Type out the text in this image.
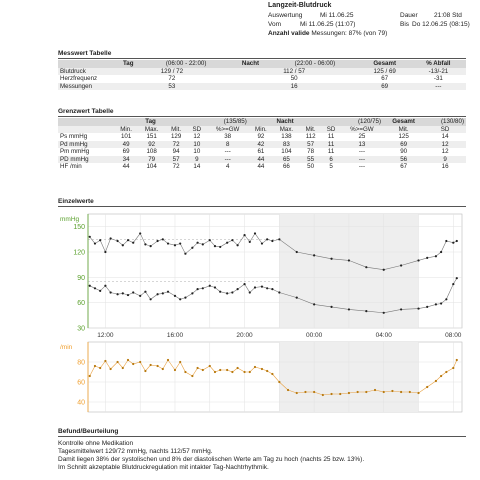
Langzeit-Blutdruck
Auswertung	Mi 11.06.25	Dauer	21:08 Std
Vom	Mi 11.06.25 (11:07)	Bis Do 12.06.25 (08:15)
Anzahl valide Messungen: 87% (von 79)
Messwert Tabelle
	Tag	(06:00 - 22:00)	Nacht	(22:00 - 06:00)	Gesamt	% Abfall
Blutdruck	129 / 72		112 / 57		125 / 69	-13/-21
Herzfrequenz	72		50		67	-31
Messungen	53		16		69	---
Grenzwert Tabelle
	Tag			(135/85)		Nacht			(120/75)		Gesamt	(130/80)
	Min.	Max.	Mit.	SD	%>=GW	Min.	Max.	Mit.	SD	%>=GW	Mit.	SD
Ps mmHg	101	151	129	12	38	92	138	112	11	25	125	14
Pd mmHg	49	92	72	10	8	42	83	57	11	13	69	12
Pm mmHg	69	108	94	10	---	61	104	78	11	---	90	12
PD mmHg	34	79	57	9	---	44	65	55	6	---	56	9
HF /min	44	104	72	14	4	44	66	50	5	---	67	16
Einzelwerte
30
60
90
120
150
mmHg
12:00	16:00	20:00	00:00	04:00	08:00
40
60
80
/min
Befund/Beurteilung
Kontrolle ohne Medikation
Tagesmittelwert 129/72 mmHg, nachts 112/57 mmHg.
Damit liegen 38% der systolischen und 8% der diastolischen Werte am Tag zu hoch (nachts 25 bzw. 13%).
Im Schnitt akzeptable Blutdruckregulation mit intakter Tag-Nachtrhythmik.
